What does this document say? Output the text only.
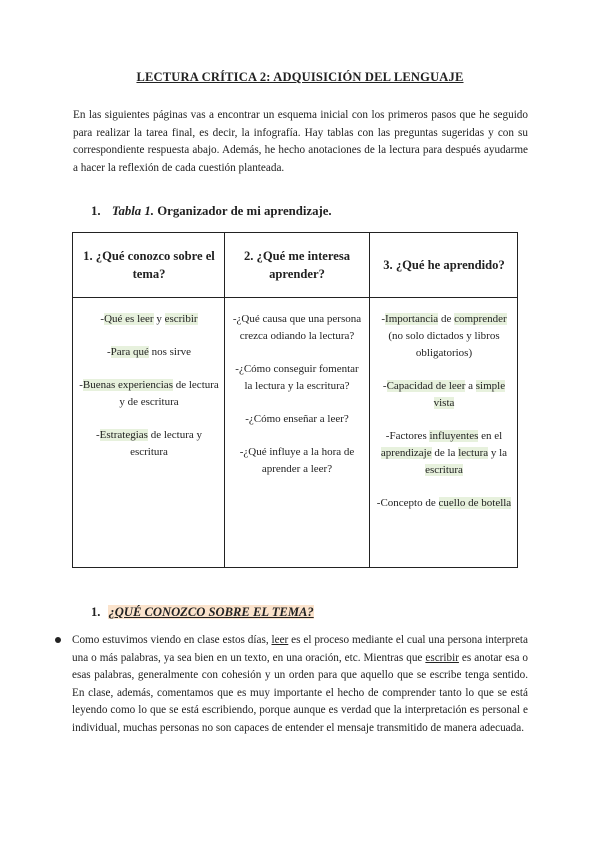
LECTURA CRÍTICA 2: ADQUISICIÓN DEL LENGUAJE
En las siguientes páginas vas a encontrar un esquema inicial con los primeros pasos que he seguido para realizar la tarea final, es decir, la infografía. Hay tablas con las preguntas sugeridas y con su correspondiente respuesta abajo. Además, he hecho anotaciones de la lectura para después ayudarme a hacer la reflexión de cada cuestión planteada.
1. Tabla 1. Organizador de mi aprendizaje.
1. ¿Qué conozco sobre el tema?
2. ¿Qué me interesa aprender?
3. ¿Qué he aprendido?
-Qué es leer y escribir
-Para qué nos sirve
-Buenas experiencias de lectura y de escritura
-Estrategias de lectura y escritura
-¿Qué causa que una persona crezca odiando la lectura?
-¿Cómo conseguir fomentar la lectura y la escritura?
-¿Cómo enseñar a leer?
-¿Qué influye a la hora de aprender a leer?
-Importancia de comprender (no solo dictados y libros obligatorios)
-Capacidad de leer a simple vista
-Factores influyentes en el aprendizaje de la lectura y la escritura
-Concepto de cuello de botella
1. ¿QUÉ CONOZCO SOBRE EL TEMA?
Como estuvimos viendo en clase estos días, leer es el proceso mediante el cual una persona interpreta una o más palabras, ya sea bien en un texto, en una oración, etc. Mientras que escribir es anotar esa o esas palabras, generalmente con cohesión y un orden para que aquello que se escribe tenga sentido. En clase, además, comentamos que es muy importante el hecho de comprender tanto lo que se está leyendo como lo que se está escribiendo, porque aunque es verdad que la interpretación es personal e individual, muchas personas no son capaces de entender el mensaje transmitido de manera adecuada.
